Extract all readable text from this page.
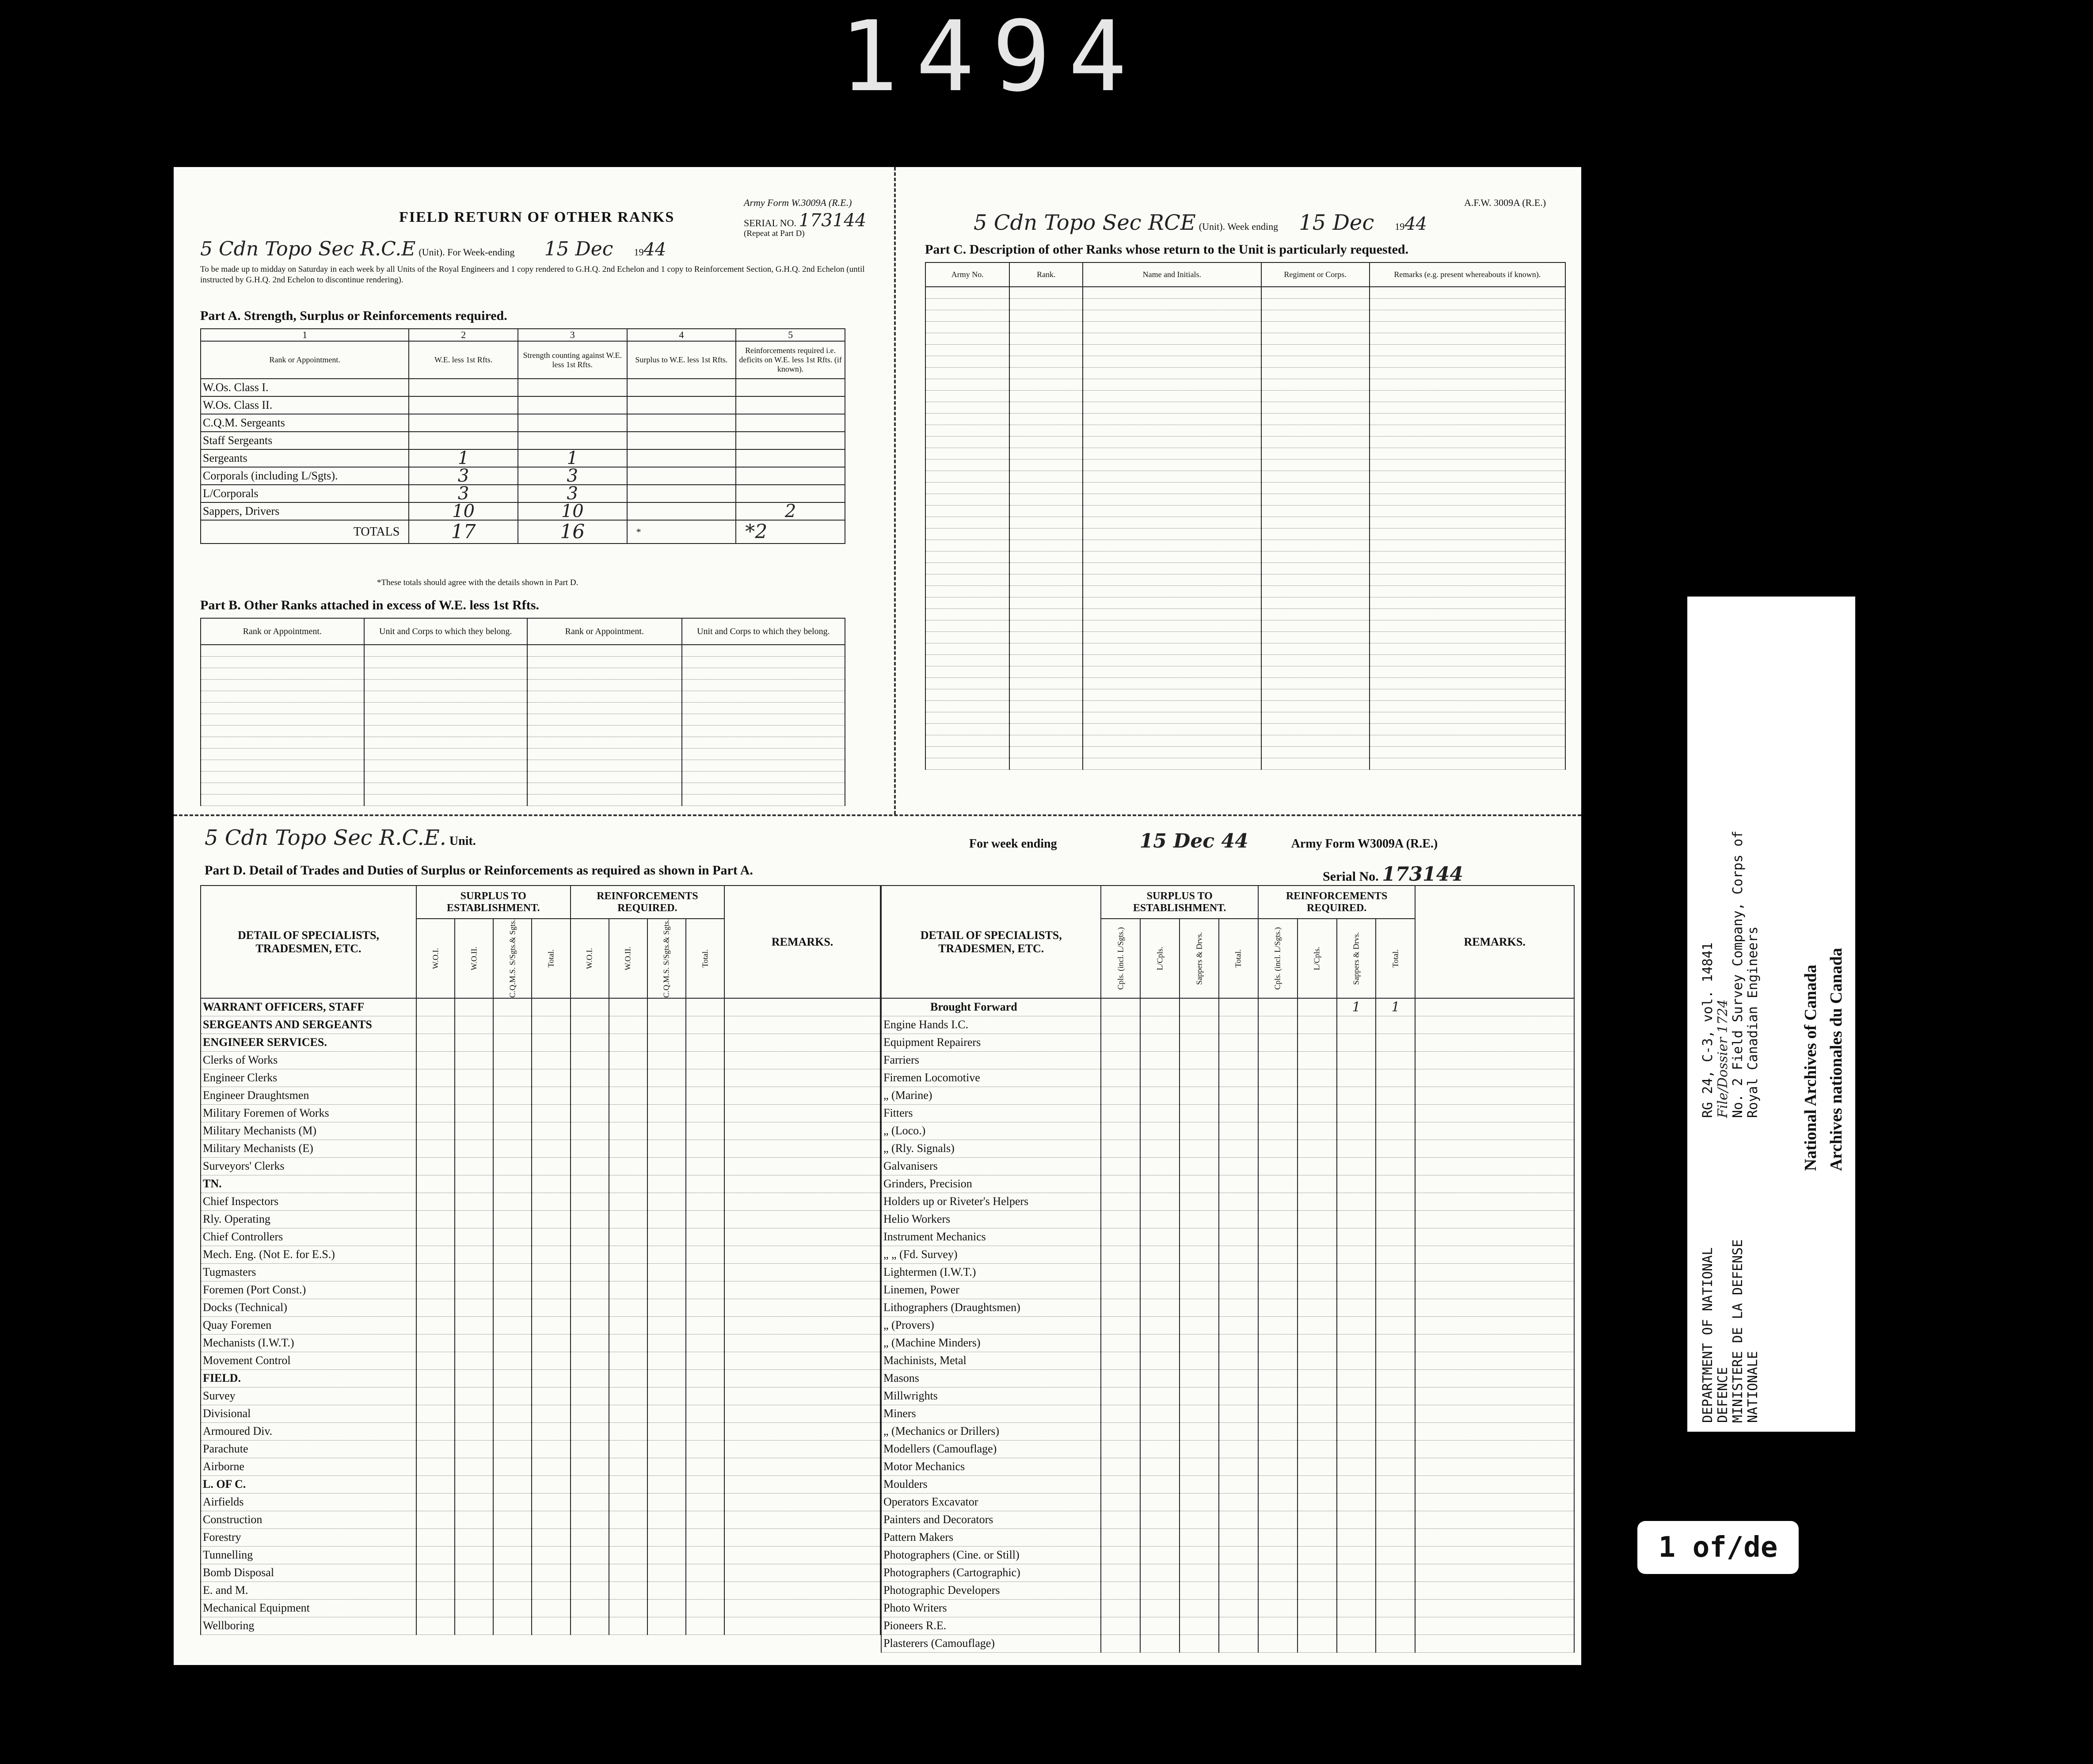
1494
Army Form W.3009A (R.E.)
FIELD RETURN OF OTHER RANKS	SERIAL NO. 173144
(Repeat at Part D)
5 Cdn Topo Sec R.C.E (Unit). For Week-ending 15 Dec 1944
To be made up to midday on Saturday in each week by all Units of the Royal Engineers and 1 copy rendered to G.H.Q. 2nd Echelon and 1 copy to Reinforcement Section, G.H.Q. 2nd Echelon (until instructed by G.H.Q. 2nd Echelon to discontinue rendering).
Part A. Strength, Surplus or Reinforcements required.
1	2	3	4	5
Rank or Appointment.	W.E. less 1st Rfts.	Strength counting against W.E. less 1st Rfts.	Surplus to W.E. less 1st Rfts.	Reinforcements required i.e. deficits on W.E. less 1st Rfts. (if known).
W.Os. Class I.				
W.Os. Class II.				
C.Q.M. Sergeants				
Staff Sergeants				
Sergeants	1	1		
Corporals (including L/Sgts).	3	3		
L/Corporals	3	3		
Sappers, Drivers	10	10		2
TOTALS	17	16	*	*2
*These totals should agree with the details shown in Part D.
Part B. Other Ranks attached in excess of W.E. less 1st Rfts.
Rank or Appointment.	Unit and Corps to which they belong.	Rank or Appointment.	Unit and Corps to which they belong.

A.F.W. 3009A (R.E.)
5 Cdn Topo Sec RCE (Unit). Week ending 15 Dec 1944
Part C. Description of other Ranks whose return to the Unit is particularly requested.
Army No.	Rank.	Name and Initials.	Regiment or Corps.	Remarks (e.g. present whereabouts if known).

5 Cdn Topo Sec R.C.E. Unit.	For week ending	15 Dec 44	Army Form W3009A (R.E.)
Part D. Detail of Trades and Duties of Surplus or Reinforcements as required as shown in Part A.	Serial No. 173144
DETAIL OF SPECIALISTS, TRADESMEN, ETC.	SURPLUS TO ESTABLISHMENT.				REINFORCEMENTS REQUIRED.				REMARKS.

	W.O.I.	W.O.II.	C.Q.M.S. S/Sgts.& Sgts.	Total.	W.O.I.	W.O.II.	C.Q.M.S. S/Sgts.& Sgts.	Total.	

WARRANT OFFICERS, STAFF									
SERGEANTS AND SERGEANTS									
ENGINEER SERVICES.									
Clerks of Works									
Engineer Clerks									
Engineer Draughtsmen									
Military Foremen of Works									
Military Mechanists (M)									
Military Mechanists (E)									
Surveyors' Clerks									
TN.									
Chief Inspectors									
Rly. Operating									
Chief Controllers									
Mech. Eng. (Not E. for E.S.)									
Tugmasters									
Foremen (Port Const.)									
Docks (Technical)									
Quay Foremen									
Mechanists (I.W.T.)									
Movement Control									
FIELD.									
Survey									
Divisional									
Armoured Div.									
Parachute									
Airborne									
L. OF C.									
Airfields									
Construction									
Forestry									
Tunnelling									
Bomb Disposal									
E. and M.									
Mechanical Equipment									
Wellboring									
DETAIL OF SPECIALISTS, TRADESMEN, ETC.	SURPLUS TO ESTABLISHMENT.				REINFORCEMENTS REQUIRED.				REMARKS.

	Cpls. (incl. L/Sgts.)	L/Cpls.	Sappers & Drvs.	Total.	Cpls. (incl. L/Sgts.)	L/Cpls.	Sappers & Drvs.	Total.	

Brought Forward							1	1	
Engine Hands I.C.									
Equipment Repairers									
Farriers									
Firemen Locomotive									
„ (Marine)									
Fitters									
„ (Loco.)									
„ (Rly. Signals)									
Galvanisers									
Grinders, Precision									
Holders up or Riveter's Helpers									
Helio Workers									
Instrument Mechanics									
„ „ (Fd. Survey)									
Lightermen (I.W.T.)									
Linemen, Power									
Lithographers (Draughtsmen)									
„ (Provers)									
„ (Machine Minders)									
Machinists, Metal									
Masons									
Millwrights									
Miners									
„ (Mechanics or Drillers)									
Modellers (Camouflage)									
Motor Mechanics									
Moulders									
Operators Excavator									
Painters and Decorators									
Pattern Makers									
Photographers (Cine. or Still)									
Photographers (Cartographic)									
Photographic Developers									
Photo Writers									
Pioneers R.E.									
Plasterers (Camouflage)									
DEPARTMENT OF NATIONAL DEFENCE MINISTERE DE LA DEFENSE NATIONALE
RG 24, C-3, vol. 14841 File/Dossier 1724 No. 2 Field Survey Company, Corps of Royal Canadian Engineers National Archives of Canada Archives nationales du Canada
1 of/de
